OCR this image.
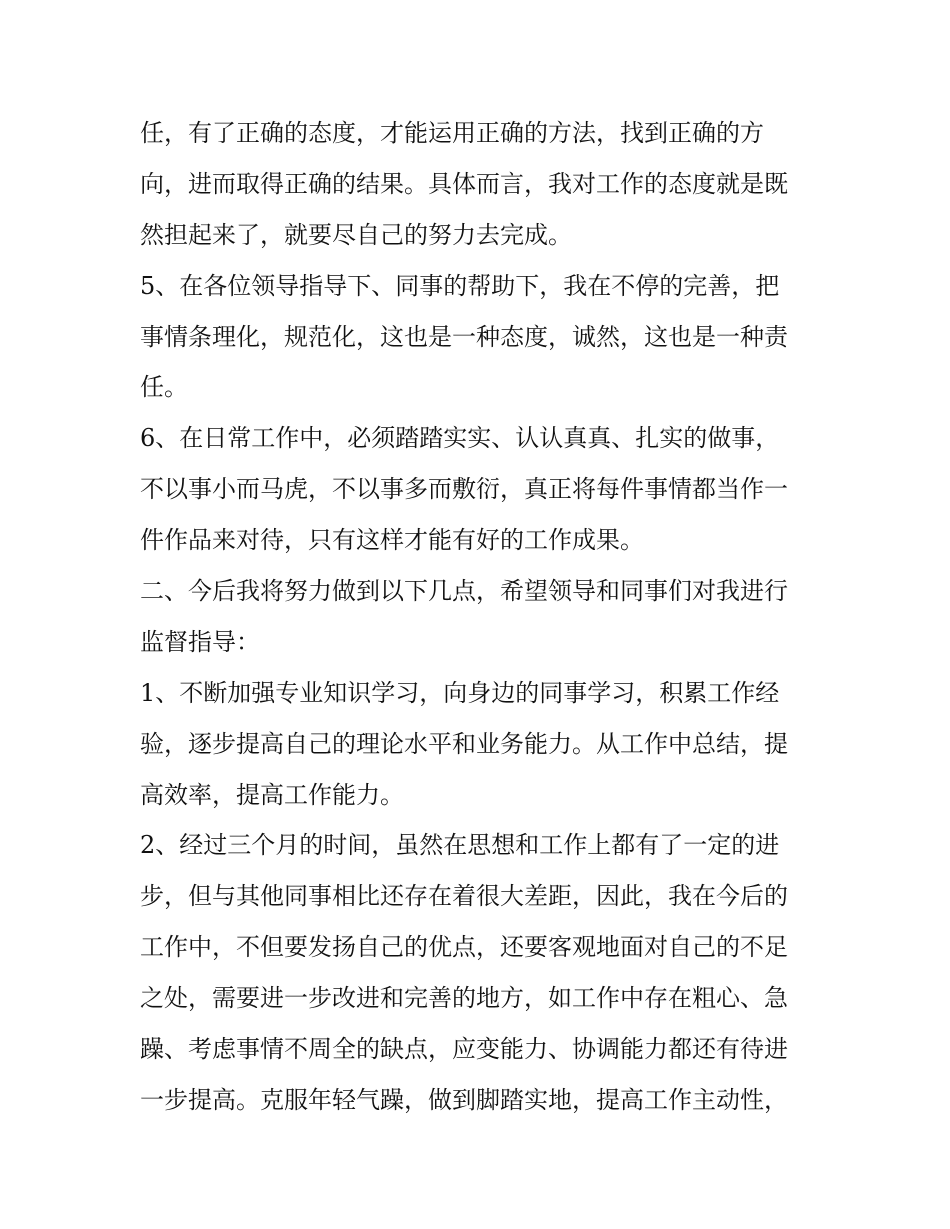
任，有了正确的态度，才能运用正确的方法，找到正确的方
向，进而取得正确的结果。具体而言，我对工作的态度就是既
然担起来了，就要尽自己的努力去完成。
5、在各位领导指导下、同事的帮助下，我在不停的完善，把
事情条理化，规范化，这也是一种态度，诚然，这也是一种责
任。
6、在日常工作中，必须踏踏实实、认认真真、扎实的做事，
不以事小而马虎，不以事多而敷衍，真正将每件事情都当作一
件作品来对待，只有这样才能有好的工作成果。
二、今后我将努力做到以下几点，希望领导和同事们对我进行
监督指导：
1、不断加强专业知识学习，向身边的同事学习，积累工作经
验，逐步提高自己的理论水平和业务能力。从工作中总结，提
高效率，提高工作能力。
2、经过三个月的时间，虽然在思想和工作上都有了一定的进
步，但与其他同事相比还存在着很大差距，因此，我在今后的
工作中，不但要发扬自己的优点，还要客观地面对自己的不足
之处，需要进一步改进和完善的地方，如工作中存在粗心、急
躁、考虑事情不周全的缺点，应变能力、协调能力都还有待进
一步提高。克服年轻气躁，做到脚踏实地，提高工作主动性，
